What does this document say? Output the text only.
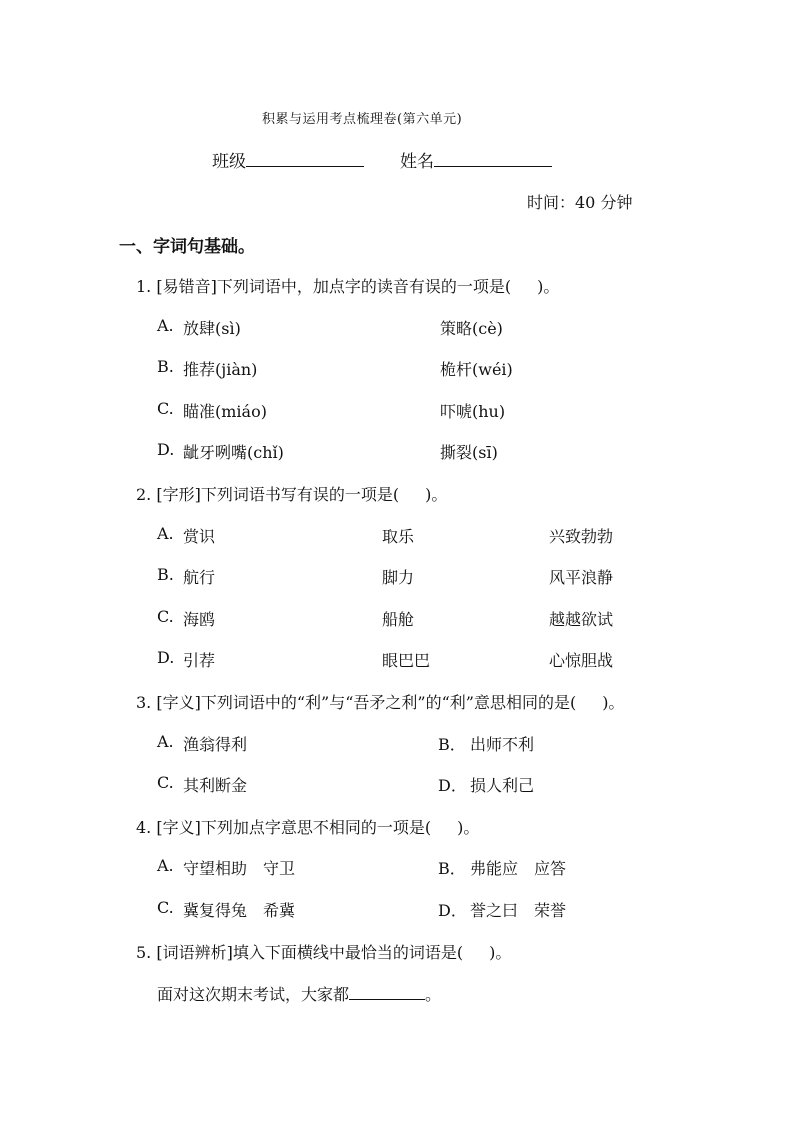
积累与运用考点梳理卷(第六单元)
班级	姓名
时间：40 分钟
一、字词句基础。
1. [易错音]下列词语中，加点字的读音有误的一项是( )。
A. 放肆(sì)	策略(cè)
B. 推荐(jiàn)	桅杆(wéi)
C. 瞄准(miáo)	吓唬(hu)
D. 龇牙咧嘴(chǐ)	撕裂(sī)
2. [字形]下列词语书写有误的一项是( )。
A. 赏识	取乐	兴致勃勃
B. 航行	脚力	风平浪静
C. 海鸥	船舱	越越欲试
D. 引荐	眼巴巴	心惊胆战
3. [字义]下列词语中的“利”与“吾矛之利”的“利”意思相同的是( )。
A. 渔翁得利	B． 出师不利
C. 其利断金	D． 损人利己
4. [字义]下列加点字意思不相同的一项是( )。
A. 守望相助　守卫	B． 弗能应　应答
C. 冀复得兔　希冀	D． 誉之曰　荣誉
5. [词语辨析]填入下面横线中最恰当的词语是( )。
面对这次期末考试，大家都	。
